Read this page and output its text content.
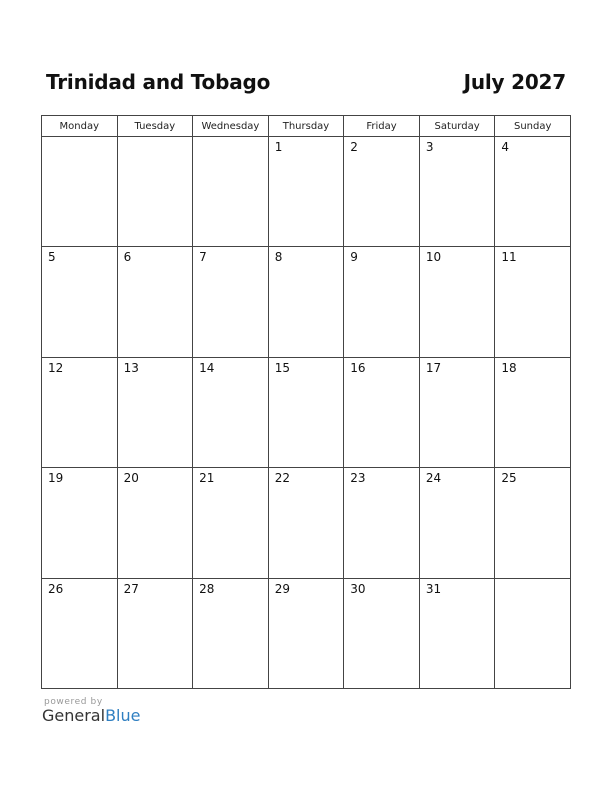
Trinidad and Tobago	July 2027
Monday	Tuesday	Wednesday	Thursday	Friday	Saturday	Sunday

			1	2	3	4

5	6	7	8	9	10	11

12	13	14	15	16	17	18

19	20	21	22	23	24	25

26	27	28	29	30	31	

powered by
GeneralBlue
